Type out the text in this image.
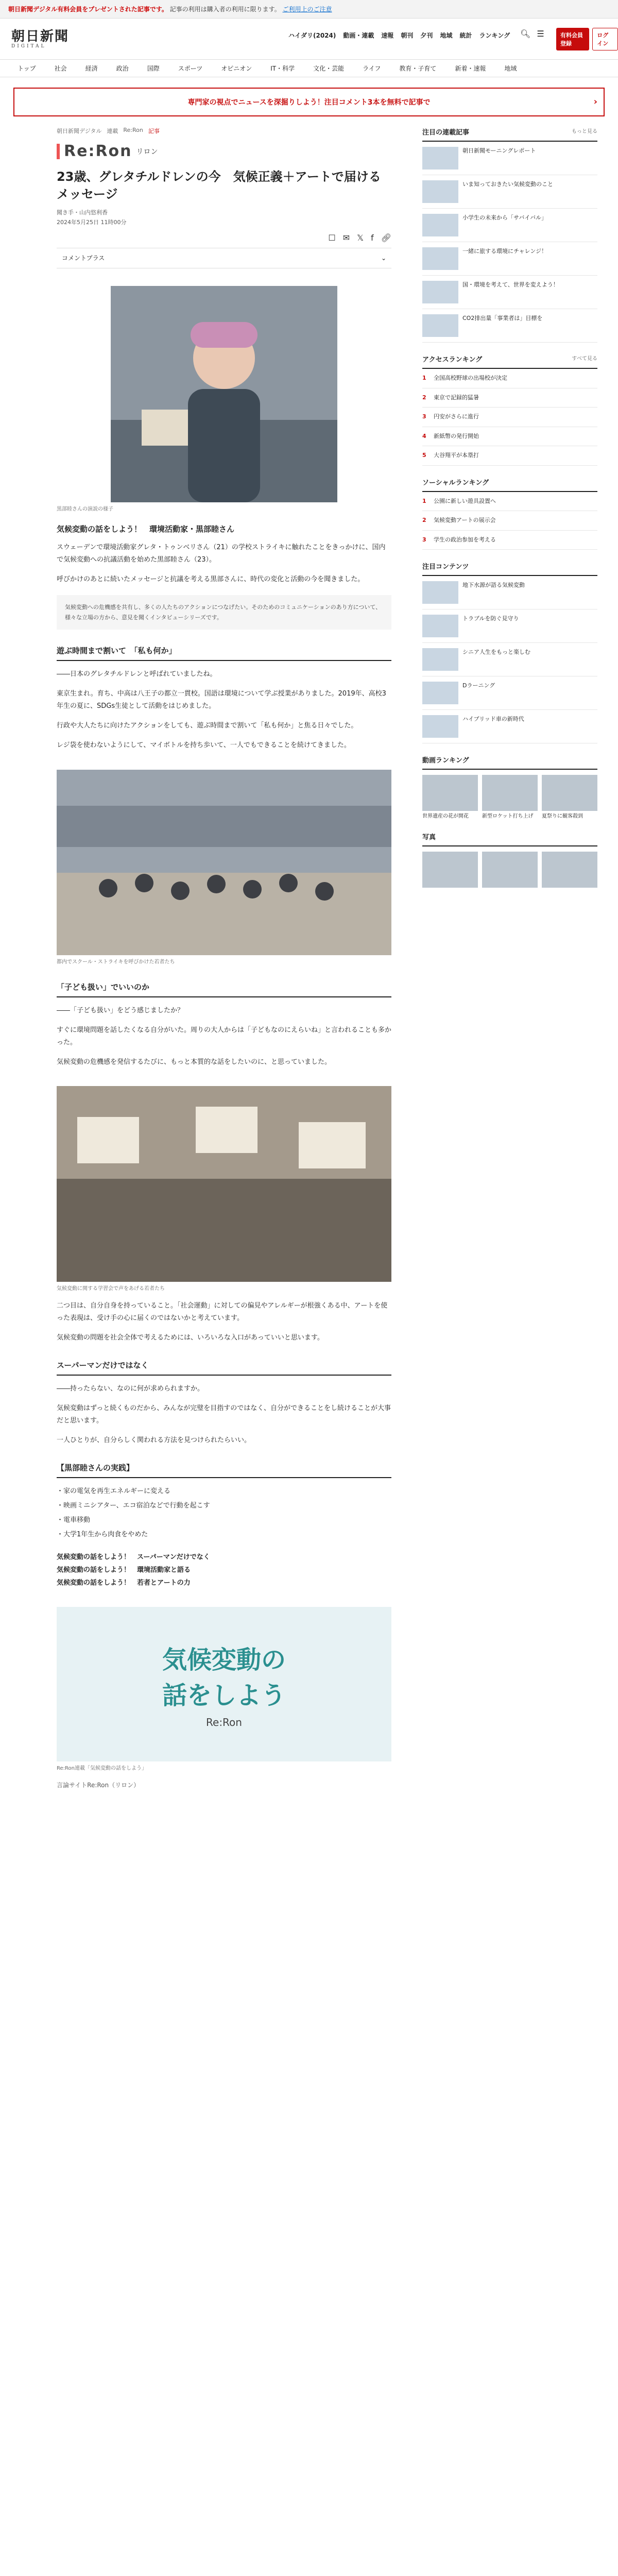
朝日新聞デジタル有料会員をプレゼントされた記事です。 記事の利用は購入者の利用に限ります。 ご利用上のご注意
朝日新聞
DIGITAL
ハイダリ(2024) 動画・連載 速報 朝刊 夕刊 地域 統計 ランキング 🔍︎ ☰	有料会員登録
ログイン
トップ	社会	経済	政治	国際	スポーツ	オピニオン	IT・科学	文化・芸能	ライフ	教育・子育て	新着・速報	地域
専門家の視点でニュースを深掘りしよう！注目コメント3本を無料で記事で	›
朝日新聞デジタル 連載 Re:Ron 記事
Re:Ron リロン
23歳、グレタチルドレンの今　気候正義＋アートで届けるメッセージ
聞き手・山内悠利香
2024年5月25日 11時00分
☐ ✉ 𝕏 f 🔗︎
コメントプラス	⌄
黒部睦さんの演説の様子
気候変動の話をしよう！　環境活動家・黒部睦さん

スウェーデンで環境活動家グレタ・トゥンベリさん（21）の学校ストライキに触れたことをきっかけに、国内で気候変動への抗議活動を始めた黒部睦さん（23）。

呼びかけのあとに続いたメッセージと抗議を考える黒部さんに、時代の変化と活動の今を聞きました。

気候変動への危機感を共有し、多くの人たちのアクションにつなげたい。そのためのコミュニケーションのあり方について、様々な立場の方から、意見を聞くインタビューシリーズです。
遊ぶ時間まで割いて　「私も何か」

――日本のグレタチルドレンと呼ばれていましたね。

東京生まれ。育ち、中高は八王子の都立一貫校。国語は環境について学ぶ授業がありました。2019年、高校3年生の夏に、SDGs生徒として活動をはじめました。

行政や大人たちに向けたアクションをしても、遊ぶ時間まで割いて「私も何か」と焦る日々でした。

レジ袋を使わないようにして、マイボトルを持ち歩いて、一人でもできることを続けてきました。

都内でスクール・ストライキを呼びかけた若者たち
「子ども扱い」でいいのか

――「子ども扱い」をどう感じましたか？

すぐに環境問題を話したくなる自分がいた。周りの大人からは「子どもなのにえらいね」と言われることも多かった。

気候変動の危機感を発信するたびに、もっと本質的な話をしたいのに、と思っていました。

気候変動に関する学習会で声をあげる若者たち

二つ目は、自分自身を持っていること。「社会運動」に対しての偏見やアレルギーが根強くある中、アートを使った表現は、受け手の心に届くのではないかと考えています。

気候変動の問題を社会全体で考えるためには、いろいろな入口があっていいと思います。

スーパーマンだけではなく

――持ったらない、なのに何が求められますか。

気候変動はずっと続くものだから、みんなが完璧を目指すのではなく、自分ができることをし続けることが大事だと思います。

一人ひとりが、自分らしく関われる方法を見つけられたらいい。

【黒部睦さんの実践】

・家の電気を再生エネルギーに変える

・映画ミニシアター、エコ宿泊などで行動を起こす

・電車移動

・大学1年生から肉食をやめた

気候変動の話をしよう！　スーパーマンだけでなく
気候変動の話をしよう！　環境活動家と語る
気候変動の話をしよう！　若者とアートの力
気候変動の
話をしよう
Re:Ron
Re:Ron連載「気候変動の話をしよう」

言論サイトRe:Ron（リロン）

注目の連載記事	もっと見る
朝日新聞モーニングレポート
いま知っておきたい気候変動のこと
小学生の未来から「サバイバル」
一緒に旅する環境にチャレンジ！
国・環境を考えて、世界を変えよう！
CO2排出量「事業者は」目標を
アクセスランキング	すべて見る
1	全国高校野球の出場校が決定
2	東京で記録的猛暑
3	円安がさらに進行
4	新紙幣の発行開始
5	大谷翔平が本塁打
ソーシャルランキング
1	公園に新しい遊具設置へ
2	気候変動アートの展示会
3	学生の政治参加を考える
注目コンテンツ
地下水源が語る気候変動
トラブルを防ぐ見守り
シニア人生をもっと楽しむ
Dラーニング
ハイブリッド車の新時代
動画ランキング
世界遺産の花が開花	新型ロケット打ち上げ	夏祭りに観客殺到
写真
